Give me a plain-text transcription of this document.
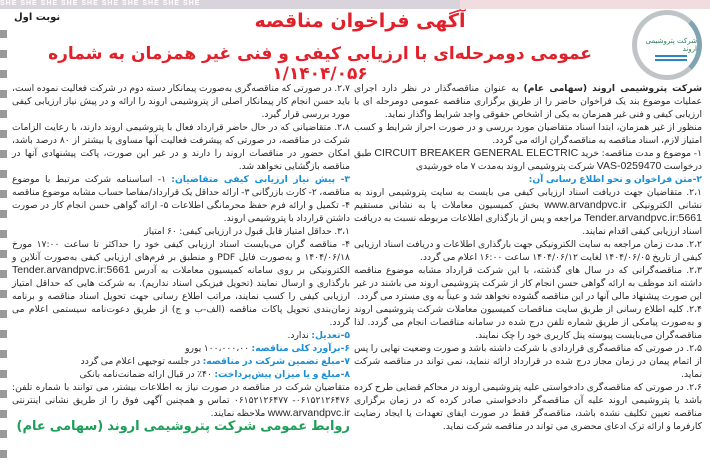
SHE SHE SHE SHE SHE SHE SHE SHE SHE SHE
نوبت اول
شرکت پتروشیمی اروند
آگهی فراخوان مناقصه
عمومی دومرحله‌ای با ارزیابی کیفی و فنی غیر همزمان به شماره ۱/۱۴۰۴/۰۵۶

شرکت پتروشیمی اروند (سهامی عام) به عنوان مناقصه‌گذار در نظر دارد اجرای عملیات موضوع بند یک فراخوان حاضر را از طریق برگزاری مناقصه عمومی دومرحله ای با ارزیابی کیفی و فنی غیر همزمان به یکی از اشخاص حقوقی واجد شرایط واگذار نماید.

منظور از غیر همزمان، ابتدا اسناد متقاضیان مورد بررسی و در صورت احراز شرایط و کسب امتیاز لازم، اسناد مناقصه به مناقصه‌گران ارائه می گردد.

۱- موضوع و مدت مناقصه: خرید CIRCUIT BREAKER GENERAL ELECTRIC طبق درخواست VAS-0259470 شرکت پتروشیمی اروند به‌مدت ۷ ماه خورشیدی

۲-متن فراخوان و نحو اطلاع رسانی آن:

۲،۱. متقاضیان جهت دریافت اسناد ارزیابی کیفی می بایست به سایت پتروشیمی اروند به نشانی الکترونیکی www.arvandpvc.ir بخش کمیسیون معاملات یا به نشانی مستقیم Tender.arvandpvc.ir:5661 مراجعه و پس از بارگذاری اطلاعات مربوطه نسبت به دریافت اسناد ارزیابی کیفی اقدام نمایند.

۲،۲. مدت زمان مراجعه به سایت الکترونیکی جهت بارگذاری اطلاعات و دریافت اسناد ارزیابی کیفی از تاریخ ۱۴۰۴/۰۶/۰۵ لغایت ۱۴۰۴/۰۶/۱۲ ساعت ۱۶:۰۰ اعلام می گردد.

۲،۳. مناقصه‌گرانی که در سال های گذشته، با این شرکت قرارداد مشابه موضوع مناقصه داشته اند موظف به ارائه گواهی حسن انجام کار از شرکت پتروشیمی اروند می باشند در غیر این صورت پیشنهاد مالی آنها در این مناقصه گشوده نخواهد شد و عیناً به وی مسترد می گردد.

۲،۴. کلیه اطلاع رسانی از طریق سایت مناقصات کمیسیون معاملات شرکت پتروشیمی اروند و به‌صورت پیامکی از طریق شماره تلفن درج شده در سامانه مناقصات انجام می گردد. لذا مناقصه‌گران می‌بایست پیوسته پنل کاربری خود را چک نمایند.

۲،۵. در صورتی که مناقصه‌گری قراردادی با شرکت داشته باشد و صورت وضعیت نهایی را پس از اتمام پیمان در زمان مجاز درج شده در قرارداد ارائه ننماید، نمی تواند در مناقصه شرکت نماید.

۲،۶. در صورتی که مناقصه‌گری دادخواستی علیه پتروشیمی اروند در محاکم قضایی طرح کرده باشد یا پتروشیمی اروند علیه آن مناقصه‌گر دادخواستی صادر کرده که در زمان برگزاری مناقصه تعیین تکلیف نشده باشد، مناقصه‌گر فقط در صورت ایفای تعهدات یا ایجاد رضایت کارفرما و ارائه ترک ادعای محضری می تواند در مناقصه شرکت نماید.

۲،۷. در صورتی که مناقصه‌گری به‌صورت پیمانکار دسته دوم در شرکت فعالیت نموده است، باید حسن انجام کار پیمانکار اصلی از پتروشیمی اروند را ارائه و در پیش نیاز ارزیابی کیفی مورد بررسی قرار گیرد.

۲،۸. متقاضیانی که در حال حاضر قرارداد فعال با پتروشیمی اروند دارند، با رعایت الزامات شرکت در مناقصه، در صورتی که پیشرفت فعالیت آنها مساوی یا بیشتر از ۸۰ درصد باشد، امکان حضور در مناقصات اروند را دارند و در غیر این صورت، پاکت پیشنهادی آنها در مناقصه بازگشایی نخواهد شد.

۳- پیش نیاز ارزیابی کیفی متقاضیان: ۱- اساسنامه شرکت مرتبط با موضوع مناقصه، ۲- کارت بازرگانی ۳- ارائه حداقل یک قرارداد/مفاصا حساب مشابه موضوع مناقصه ۴- تکمیل و ارائه فرم حفظ محرمانگی اطلاعات ۵- ارائه گواهی حسن انجام کار در صورت داشتن قرارداد با پتروشیمی اروند.

۳،۱. حداقل امتیاز قابل قبول در ارزیابی کیفی: ۶۰ امتیاز

۴- مناقصه گران می‌بایست اسناد ارزیابی کیفی خود را حداکثر تا ساعت ۱۷:۰۰ مورخ ۱۴۰۴/۰۶/۱۸ و به‌صورت فایل PDF و منطبق بر فرم‌های ارزیابی کیفی به‌صورت آنلاین و الکترونیکی بر روی سامانه کمیسیون معاملات به آدرس Tender.arvandpvc.ir:5661 بارگذاری و ارسال نمایند (تحویل فیزیکی اسناد نداریم). به شرکت هایی که حداقل امتیاز ارزیابی کیفی را کسب نمایند، مراتب اطلاع رسانی جهت تحویل اسناد مناقصه و برنامه زمان‌بندی تحویل پاکات مناقصه (الف-ب و ج) از طریق دعوت‌نامه سیستمی اعلام می گردد.

۵-تعدیل: ندارد.

۶-برآورد کلی مناقصه: ۱۰۰،۰۰۰،۰۰ یورو

۷-مبلغ تضمین شرکت در مناقصه: در جلسه توجیهی اعلام می گردد

۸-مبلغ و یا میزان پیش‌پرداخت: ۴۰٪ در قبال ارائه ضمانت‌نامه بانکی

متقاضیان شرکت در مناقصه در صورت نیاز به اطلاعات بیشتر، می توانند با شماره تلفن: ۰۶۱۵۲۱۲۶۴۷۶- ۰۶۱۵۲۱۲۶۴۷۷ تماس و همچنین آگهی فوق را از طریق نشانی اینترنتی www.arvandpvc.ir ملاحظه نمایند.

روابط عمومی شرکت پتروشیمی اروند (سهامی عام)
